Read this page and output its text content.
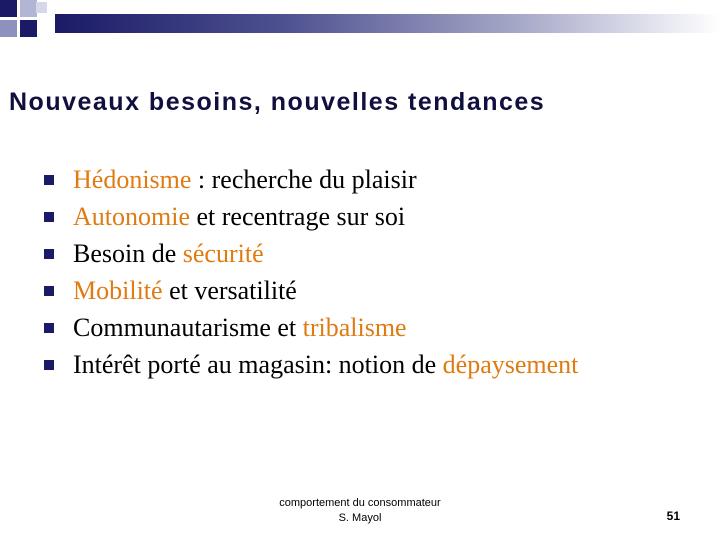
Nouveaux besoins, nouvelles tendances
Hédonisme : recherche du plaisir
Autonomie et recentrage sur soi
Besoin de sécurité
Mobilité et versatilité
Communautarisme et tribalisme
Intérêt porté au magasin: notion de dépaysement
comportement du consommateur
S. Mayol	51
